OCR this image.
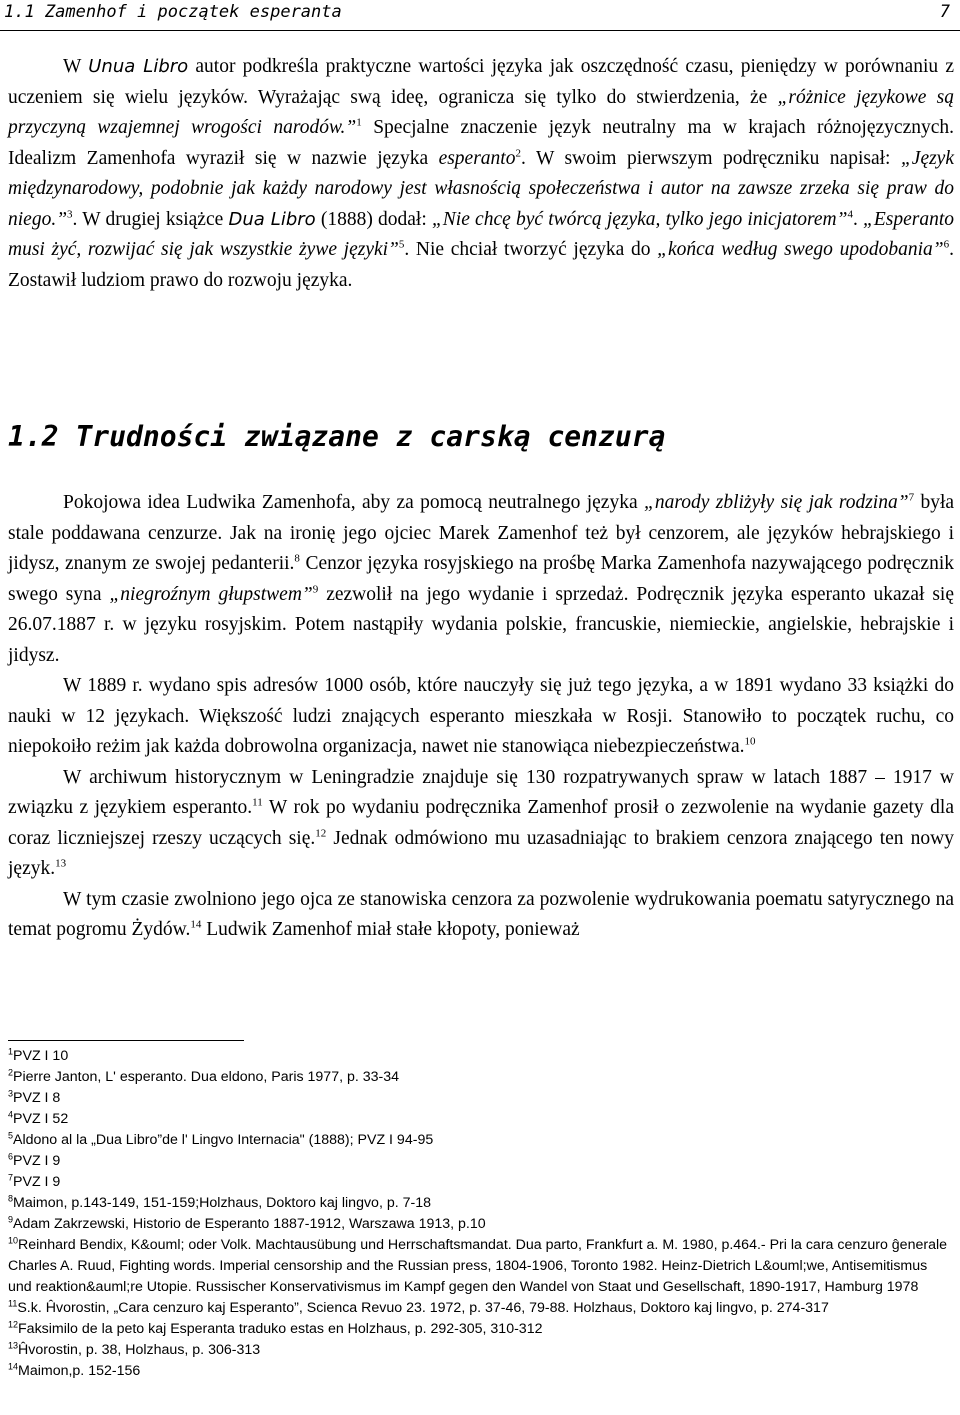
1.1 Zamenhof i początek esperanta	7

W Unua Libro autor podkreśla praktyczne wartości języka jak oszczędność czasu, pieniędzy w porównaniu z uczeniem się wielu języków. Wyrażając swą ideę, ogranicza się tylko do stwierdzenia, że „różnice językowe są przyczyną wzajemnej wrogości narodów.”$^1$ Specjalne znaczenie język neutralny ma w krajach różnojęzycznych. Idealizm Zamenhofa wyraził się w nazwie języka esperanto$^2$. W swoim pierwszym podręczniku napisał: „Język międzynarodowy, podobnie jak każdy narodowy jest własnością społeczeństwa i autor na zawsze zrzeka się praw do niego.”$^3$. W drugiej książce Dua Libro (1888) dodał: „Nie chcę być twórcą języka, tylko jego inicjatorem”$^4$. „Esperanto musi żyć, rozwijać się jak wszystkie żywe języki”$^5$. Nie chciał tworzyć języka do „końca według swego upodobania”$^6$. Zostawił ludziom prawo do rozwoju języka.

1.2 Trudności związane z carską cenzurą

Pokojowa idea Ludwika Zamenhofa, aby za pomocą neutralnego języka „narody zbliżyły się jak rodzina”$^7$ była stale poddawana cenzurze. Jak na ironię jego ojciec Marek Zamenhof też był cenzorem, ale języków hebrajskiego i jidysz, znanym ze swojej pedanterii.$^8$ Cenzor języka rosyjskiego na prośbę Marka Zamenhofa nazywającego podręcznik swego syna „niegroźnym głupstwem”$^9$ zezwolił na jego wydanie i sprzedaż. Podręcznik języka esperanto ukazał się 26.07.1887 r. w języku rosyjskim. Potem nastąpiły wydania polskie, francuskie, niemieckie, angielskie, hebrajskie i jidysz.

W 1889 r. wydano spis adresów 1000 osób, które nauczyły się już tego języka, a w 1891 wydano 33 książki do nauki w 12 językach. Większość ludzi znających esperanto mieszkała w Rosji. Stanowiło to początek ruchu, co niepokoiło reżim jak każda dobrowolna organizacja, nawet nie stanowiąca niebezpieczeństwa.$^{10}$

W archiwum historycznym w Leningradzie znajduje się 130 rozpatrywanych spraw w latach 1887 – 1917 w związku z językiem esperanto.$^{11}$ W rok po wydaniu podręcznika Zamenhof prosił o zezwolenie na wydanie gazety dla coraz liczniejszej rzeszy uczących się.$^{12}$ Jednak odmówiono mu uzasadniając to brakiem cenzora znającego ten nowy język.$^{13}$

W tym czasie zwolniono jego ojca ze stanowiska cenzora za pozwolenie wydrukowania poematu satyrycznego na temat pogromu Żydów.$^{14}$ Ludwik Zamenhof miał stałe kłopoty, ponieważ

$^1$PVZ I 10
$^2$Pierre Janton, L' esperanto. Dua eldono, Paris 1977, p. 33-34
$^3$PVZ I 8
$^4$PVZ I 52
$^5$Aldono al la „Dua Libro”de l' Lingvo Internacia" (1888); PVZ I 94-95
$^6$PVZ I 9
$^7$PVZ I 9
$^8$Maimon, p.143-149, 151-159;Holzhaus, Doktoro kaj lingvo, p. 7-18
$^9$Adam Zakrzewski, Historio de Esperanto 1887-1912, Warszawa 1913, p.10
$^{10}$Reinhard Bendix, K&ouml; oder Volk. Machtausübung und Herrschaftsmandat. Dua parto, Frankfurt a. M. 1980, p.464.- Pri la cara cenzuro ĝenerale Charles A. Ruud, Fighting words. Imperial censorship and the Russian press, 1804-1906, Toronto 1982. Heinz-Dietrich L&ouml;we, Antisemitismus und reaktion&auml;re Utopie. Russischer Konservativismus im Kampf gegen den Wandel von Staat und Gesellschaft, 1890-1917, Hamburg 1978
$^{11}$S.k. Ĥvorostin, „Cara cenzuro kaj Esperanto”, Scienca Revuo 23. 1972, p. 37-46, 79-88. Holzhaus, Doktoro kaj lingvo, p. 274-317
$^{12}$Faksimilo de la peto kaj Esperanta traduko estas en Holzhaus, p. 292-305, 310-312
$^{13}$Ĥvorostin, p. 38, Holzhaus, p. 306-313
$^{14}$Maimon,p. 152-156
